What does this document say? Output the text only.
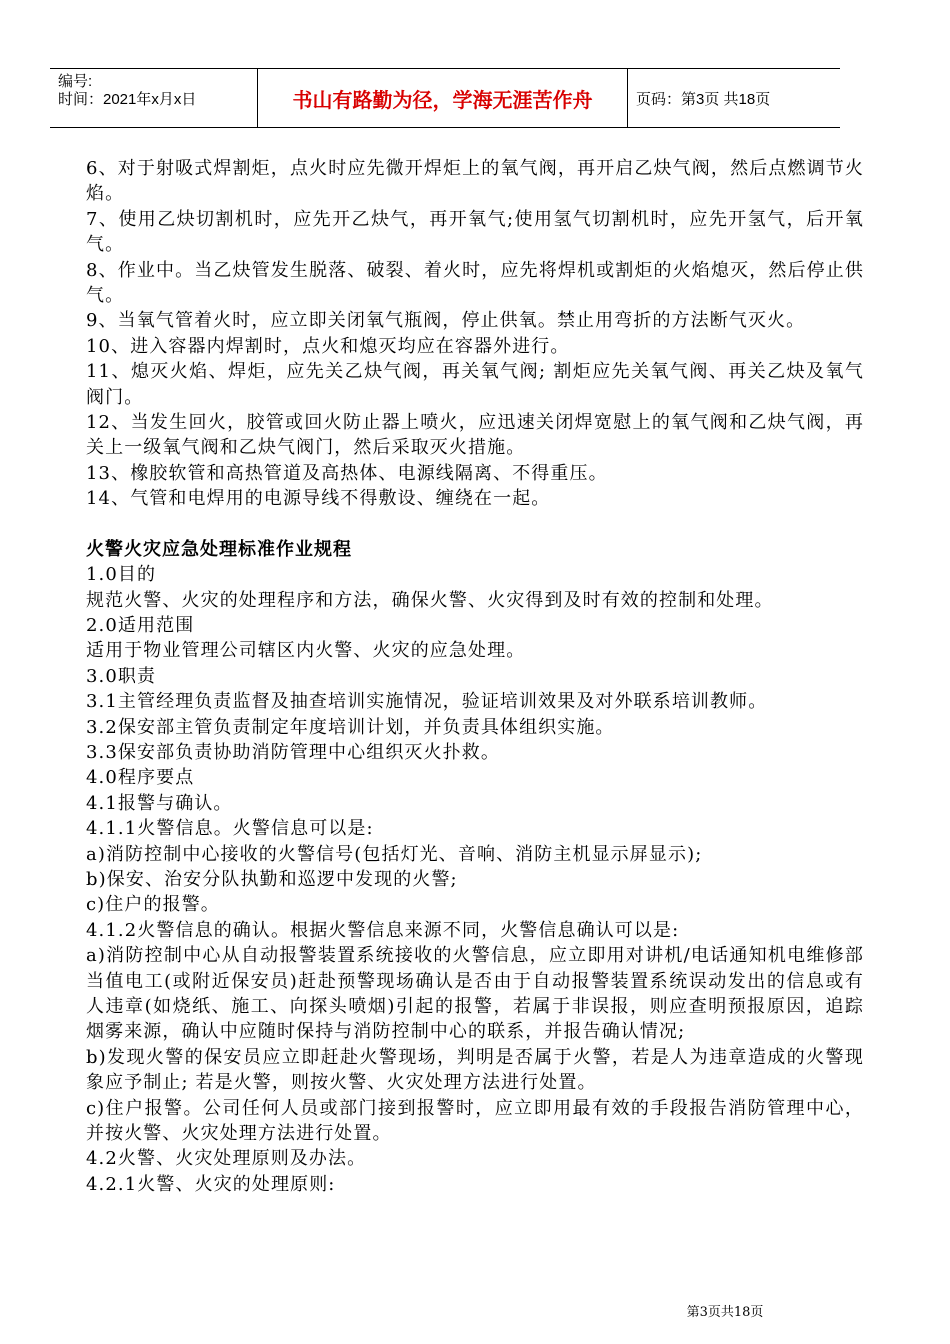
编号:
时间：2021年x月x日	书山有路勤为径，学海无涯苦作舟	页码：第3页 共18页

6、对于射吸式焊割炬，点火时应先微开焊炬上的氧气阀，再开启乙炔气阀，然后点燃调节火焰。

7、使用乙炔切割机时，应先开乙炔气，再开氧气;使用氢气切割机时，应先开氢气，后开氧气。

8、作业中。当乙炔管发生脱落、破裂、着火时，应先将焊机或割炬的火焰熄灭，然后停止供气。

9、当氧气管着火时，应立即关闭氧气瓶阀，停止供氧。禁止用弯折的方法断气灭火。

10、进入容器内焊割时，点火和熄灭均应在容器外进行。

11、熄灭火焰、焊炬，应先关乙炔气阀，再关氧气阀; 割炬应先关氧气阀、再关乙炔及氧气阀门。

12、当发生回火，胶管或回火防止器上喷火，应迅速关闭焊宽慰上的氧气阀和乙炔气阀，再关上一级氧气阀和乙炔气阀门，然后采取灭火措施。

13、橡胶软管和高热管道及高热体、电源线隔离、不得重压。

14、气管和电焊用的电源导线不得敷设、缠绕在一起。

火警火灾应急处理标准作业规程

1.0目的

规范火警、火灾的处理程序和方法，确保火警、火灾得到及时有效的控制和处理。

2.0适用范围

适用于物业管理公司辖区内火警、火灾的应急处理。

3.0职责

3.1主管经理负责监督及抽查培训实施情况，验证培训效果及对外联系培训教师。

3.2保安部主管负责制定年度培训计划，并负责具体组织实施。

3.3保安部负责协助消防管理中心组织灭火扑救。

4.0程序要点

4.1报警与确认。

4.1.1火警信息。火警信息可以是:

a)消防控制中心接收的火警信号(包括灯光、音响、消防主机显示屏显示);

b)保安、治安分队执勤和巡逻中发现的火警;

c)住户的报警。

4.1.2火警信息的确认。根据火警信息来源不同，火警信息确认可以是:

a)消防控制中心从自动报警装置系统接收的火警信息，应立即用对讲机/电话通知机电维修部当值电工(或附近保安员)赶赴预警现场确认是否由于自动报警装置系统误动发出的信息或有人违章(如烧纸、施工、向探头喷烟)引起的报警，若属于非误报，则应查明预报原因，追踪烟雾来源，确认中应随时保持与消防控制中心的联系，并报告确认情况;

b)发现火警的保安员应立即赶赴火警现场，判明是否属于火警，若是人为违章造成的火警现象应予制止; 若是火警，则按火警、火灾处理方法进行处置。

c)住户报警。公司任何人员或部门接到报警时，应立即用最有效的手段报告消防管理中心，并按火警、火灾处理方法进行处置。

4.2火警、火灾处理原则及办法。

4.2.1火警、火灾的处理原则:

第3页共18页
